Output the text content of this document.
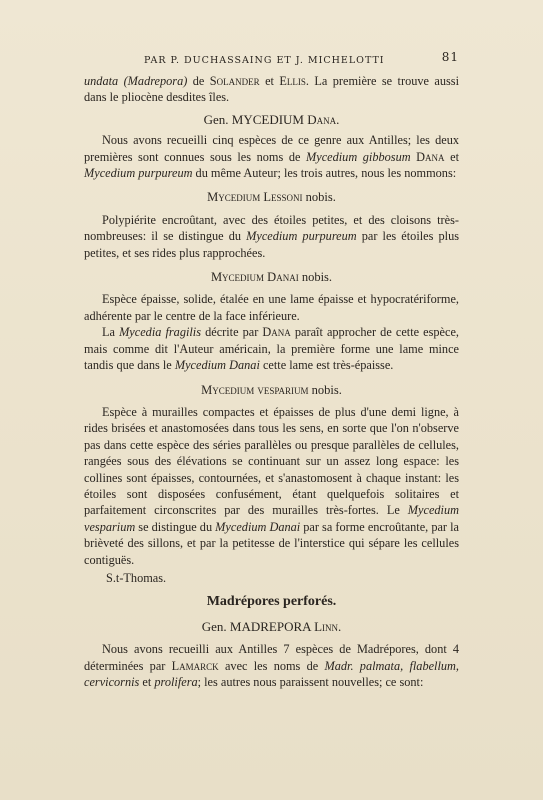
PAR P. DUCHASSAING ET J. MICHELOTTI	81

undata (Madrepora) de Solander et Ellis. La première se trouve aussi dans le pliocène desdites îles.

Gen. MYCEDIUM Dana.

Nous avons recueilli cinq espèces de ce genre aux Antilles; les deux premières sont connues sous les noms de Mycedium gibbosum Dana et Mycedium purpureum du même Auteur; les trois autres, nous les nommons:

Mycedium Lessoni nobis.

Polypiérite encroûtant, avec des étoiles petites, et des cloisons très-nombreuses: il se distingue du Mycedium purpureum par les étoiles plus petites, et ses rides plus rapprochées.

Mycedium Danai nobis.

Espèce épaisse, solide, étalée en une lame épaisse et hypocratériforme, adhérente par le centre de la face inférieure.

La Mycedia fragilis décrite par Dana paraît approcher de cette espèce, mais comme dit l'Auteur américain, la première forme une lame mince tandis que dans le Mycedium Danai cette lame est très-épaisse.

Mycedium vesparium nobis.

Espèce à murailles compactes et épaisses de plus d'une demi ligne, à rides brisées et anastomosées dans tous les sens, en sorte que l'on n'observe pas dans cette espèce des séries parallèles ou presque parallèles de cellules, rangées sous des élévations se continuant sur un assez long espace: les collines sont épaisses, contournées, et s'anastomosent à chaque instant: les étoiles sont disposées confusément, étant quelquefois solitaires et parfaitement circonscrites par des murailles très-fortes. Le Mycedium vesparium se distingue du Mycedium Danai par sa forme encroûtante, par la brièveté des sillons, et par la petitesse de l'interstice qui sépare les cellules contiguës.

S.t-Thomas.

Madrépores perforés.

Gen. MADREPORA Linn.

Nous avons recueilli aux Antilles 7 espèces de Madrépores, dont 4 déterminées par Lamarck avec les noms de Madr. palmata, flabellum, cervicornis et prolifera; les autres nous paraissent nouvelles; ce sont:
